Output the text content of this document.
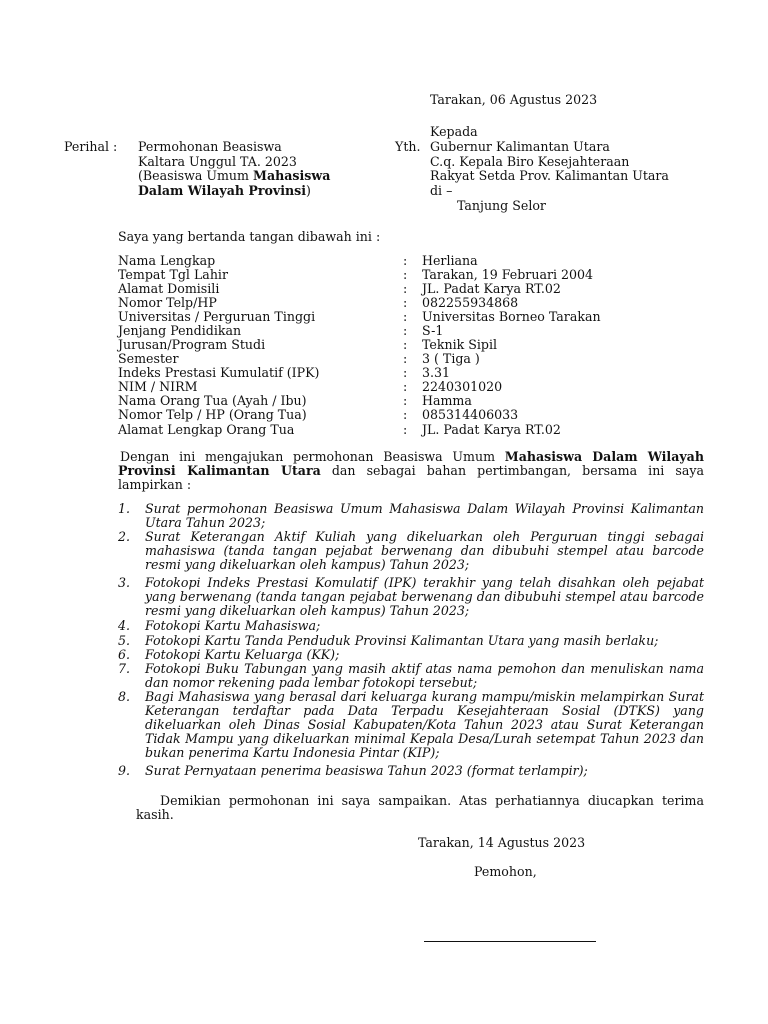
Tarakan, 06 Agustus 2023
Kepada
Yth. Gubernur Kalimantan Utara
C.q. Kepala Biro Kesejahteraan
Rakyat Setda Prov. Kalimantan Utara
di –
Tanjung Selor
Perihal : Permohonan Beasiswa
Kaltara Unggul TA. 2023
(Beasiswa Umum Mahasiswa
Dalam Wilayah Provinsi)
Saya yang bertanda tangan dibawah ini :
Nama Lengkap	: Herliana
Tempat Tgl Lahir	: Tarakan, 19 Februari 2004
Alamat Domisili	: JL. Padat Karya RT.02
Nomor Telp/HP	: 082255934868
Universitas / Perguruan Tinggi	: Universitas Borneo Tarakan
Jenjang Pendidikan	: S-1
Jurusan/Program Studi	: Teknik Sipil
Semester	: 3 ( Tiga )
Indeks Prestasi Kumulatif (IPK)	: 3.31
NIM / NIRM	: 2240301020
Nama Orang Tua (Ayah / Ibu)	: Hamma
Nomor Telp / HP (Orang Tua)	: 085314406033
Alamat Lengkap Orang Tua	: JL. Padat Karya RT.02
Dengan ini mengajukan permohonan Beasiswa Umum Mahasiswa Dalam Wilayah Provinsi Kalimantan Utara dan sebagai bahan pertimbangan, bersama ini saya lampirkan :
1. Surat permohonan Beasiswa Umum Mahasiswa Dalam Wilayah Provinsi Kalimantan Utara Tahun 2023;
2. Surat Keterangan Aktif Kuliah yang dikeluarkan oleh Perguruan tinggi sebagai mahasiswa (tanda tangan pejabat berwenang dan dibubuhi stempel atau barcode resmi yang dikeluarkan oleh kampus) Tahun 2023;
3. Fotokopi Indeks Prestasi Komulatif (IPK) terakhir yang telah disahkan oleh pejabat yang berwenang (tanda tangan pejabat berwenang dan dibubuhi stempel atau barcode resmi yang dikeluarkan oleh kampus) Tahun 2023;
4. Fotokopi Kartu Mahasiswa;
5. Fotokopi Kartu Tanda Penduduk Provinsi Kalimantan Utara yang masih berlaku;
6. Fotokopi Kartu Keluarga (KK);
7. Fotokopi Buku Tabungan yang masih aktif atas nama pemohon dan menuliskan nama dan nomor rekening pada lembar fotokopi tersebut;
8. Bagi Mahasiswa yang berasal dari keluarga kurang mampu/miskin melampirkan Surat Keterangan terdaftar pada Data Terpadu Kesejahteraan Sosial (DTKS) yang dikeluarkan oleh Dinas Sosial Kabupaten/Kota Tahun 2023 atau Surat Keterangan Tidak Mampu yang dikeluarkan minimal Kepala Desa/Lurah setempat Tahun 2023 dan bukan penerima Kartu Indonesia Pintar (KIP);
9. Surat Pernyataan penerima beasiswa Tahun 2023 (format terlampir);
Demikian permohonan ini saya sampaikan. Atas perhatiannya diucapkan terima kasih.
Tarakan, 14 Agustus 2023
Pemohon,
